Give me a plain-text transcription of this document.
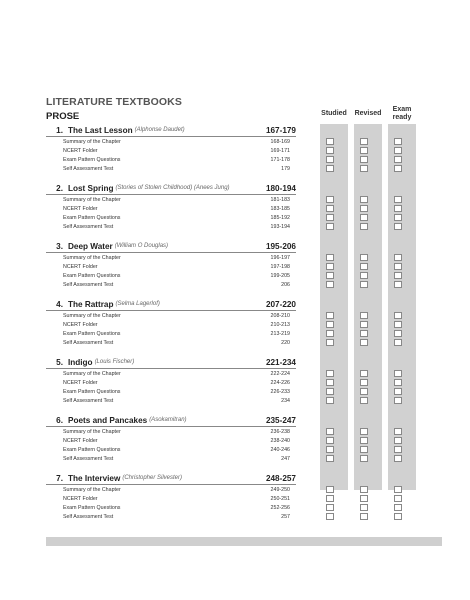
LITERATURE TEXTBOOKS
PROSE	Studied	Revised
Exam
ready
1. The Last Lesson (Alphonse Daudet)	167-179
Summary of the Chapter	168-169
NCERT Folder	169-171
Exam Pattern Questions	171-178
Self Assessment Test	179
2. Lost Spring (Stories of Stolen Childhood) (Anees Jung)	180-194
Summary of the Chapter	181-183
NCERT Folder	183-185
Exam Pattern Questions	185-192
Self Assessment Test	193-194
3. Deep Water (William O Douglas)	195-206
Summary of the Chapter	196-197
NCERT Folder	197-198
Exam Pattern Questions	199-205
Self Assessment Test	206
4. The Rattrap (Selma Lagerlof)	207-220
Summary of the Chapter	208-210
NCERT Folder	210-213
Exam Pattern Questions	213-219
Self Assessment Test	220
5. Indigo (Louis Fischer)	221-234
Summary of the Chapter	222-224
NCERT Folder	224-226
Exam Pattern Questions	226-233
Self Assessment Test	234
6. Poets and Pancakes (Asokamitran)	235-247
Summary of the Chapter	236-238
NCERT Folder	238-240
Exam Pattern Questions	240-246
Self Assessment Test	247
7. The Interview (Christopher Silvester)	248-257
Summary of the Chapter	249-250
NCERT Folder	250-251
Exam Pattern Questions	252-256
Self Assessment Test	257
